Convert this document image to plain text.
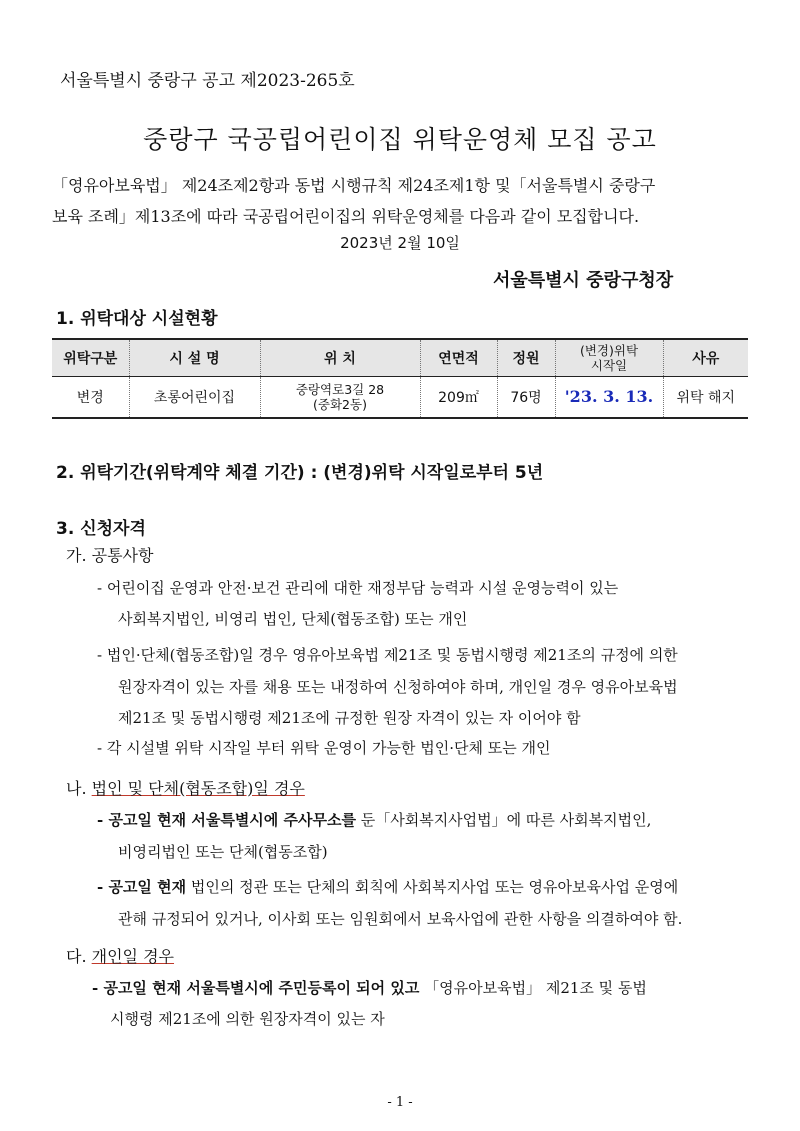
서울특별시 중랑구 공고 제2023-265호
중랑구 국공립어린이집 위탁운영체 모집 공고
「영유아보육법」 제24조제2항과 동법 시행규칙 제24조제1항 및「서울특별시 중랑구
보육 조례」제13조에 따라 국공립어린이집의 위탁운영체를 다음과 같이 모집합니다.
2023년 2월 10일
서울특별시 중랑구청장
1. 위탁대상 시설현황
위탁구분	시 설 명	위 치	연면적	정원	(변경)위탁
시작일	사유
변경	초롱어린이집	중랑역로3길 28
(중화2동)	209㎡	76명	'23. 3. 13.	위탁 해지
2. 위탁기간(위탁계약 체결 기간) : (변경)위탁 시작일로부터 5년
3. 신청자격
가. 공통사항
- 어린이집 운영과 안전·보건 관리에 대한 재정부담 능력과 시설 운영능력이 있는
사회복지법인, 비영리 법인, 단체(협동조합) 또는 개인
- 법인·단체(협동조합)일 경우 영유아보육법 제21조 및 동법시행령 제21조의 규정에 의한
원장자격이 있는 자를 채용 또는 내정하여 신청하여야 하며, 개인일 경우 영유아보육법
제21조 및 동법시행령 제21조에 규정한 원장 자격이 있는 자 이어야 함
- 각 시설별 위탁 시작일 부터 위탁 운영이 가능한 법인·단체 또는 개인
나. 법인 및 단체(협동조합)일 경우
- 공고일 현재 서울특별시에 주사무소를 둔「사회복지사업법」에 따른 사회복지법인,
비영리법인 또는 단체(협동조합)
- 공고일 현재 법인의 정관 또는 단체의 회칙에 사회복지사업 또는 영유아보육사업 운영에
관해 규정되어 있거나, 이사회 또는 임원회에서 보육사업에 관한 사항을 의결하여야 함.
다. 개인일 경우
- 공고일 현재 서울특별시에 주민등록이 되어 있고 「영유아보육법」 제21조 및 동법
시행령 제21조에 의한 원장자격이 있는 자
- 1 -
